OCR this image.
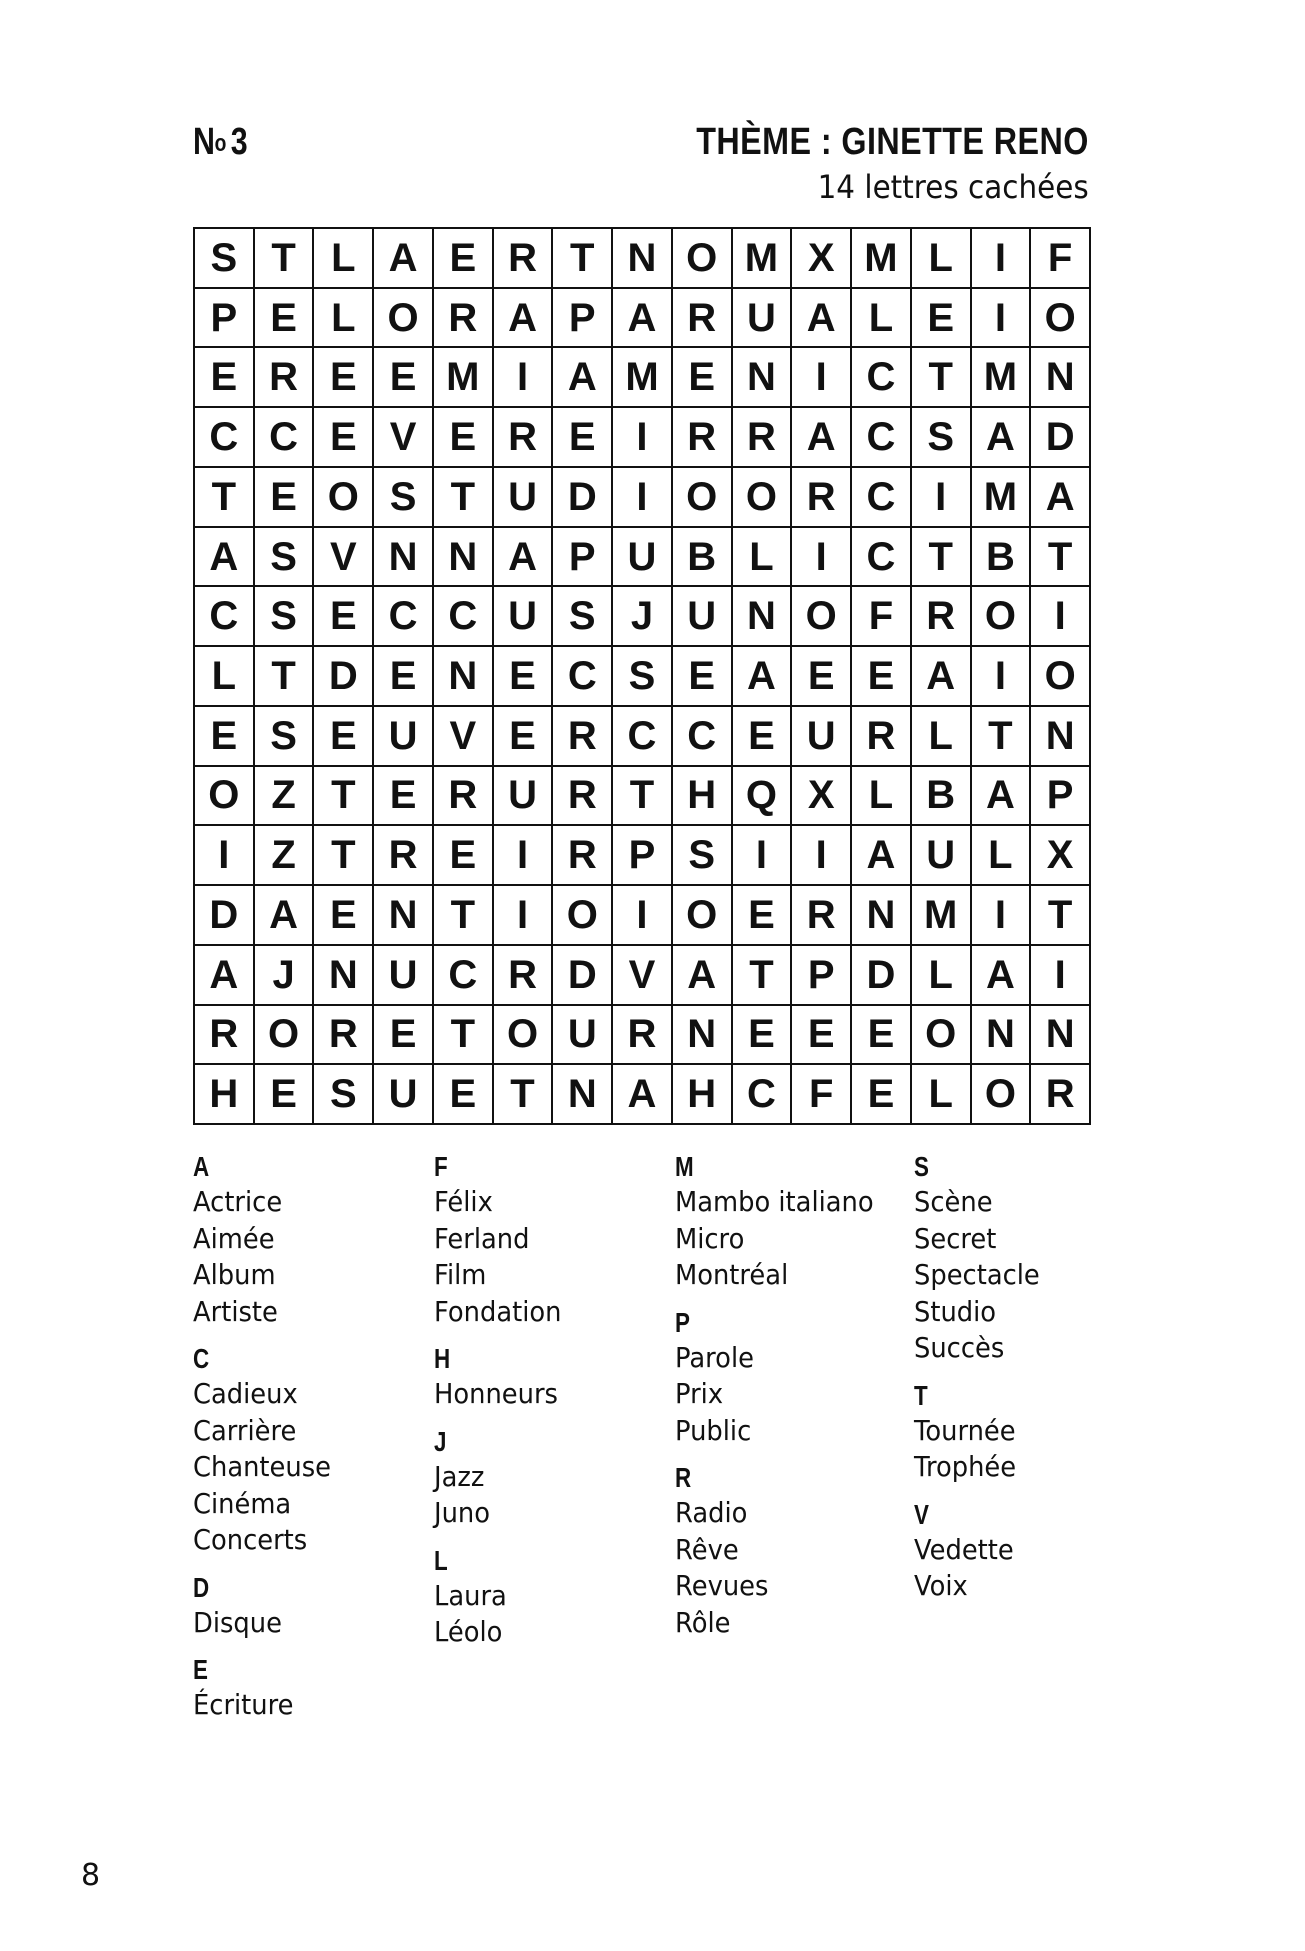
$N^o$ 3	THÈME : GINETTE RENO
14 lettres cachées
S T L A E R T N O M X M L	I	F
P E L O R A P A R U A L E	I O
E R E E M I A M E N I C T M N
C C E V E R E	I R R A C S A D
T E O S T U D I O O R C I M A
A S V N N A P U B L	I C T B T
C S E C C U S J U N O F R O I
L T D E N E C S E A E E A I O
E S E U V E R C C E U R L T N
O Z T E R U R T H Q X L B A P
I	Z T R E	I R P S	I	I A U L X
D A E N T	I O I O E R N M I	T
A J N U C R D V A T P D L A I
R O R E T O U R N E E E O N N
H E S U E T N A H C F E L O R
A
Actrice
Aimée
Album
Artiste
C
Cadieux
Carrière
Chanteuse
Cinéma
Concerts
D
Disque
E
Écriture
F
Félix
Ferland
Film
Fondation
H
Honneurs
J
Jazz
Juno
L
Laura
Léolo
M
Mambo italiano
Micro
Montréal
P
Parole
Prix
Public
R
Radio
Rêve
Revues
Rôle
S
Scène
Secret
Spectacle
Studio
Succès
T
Tournée
Trophée
V
Vedette
Voix
8
